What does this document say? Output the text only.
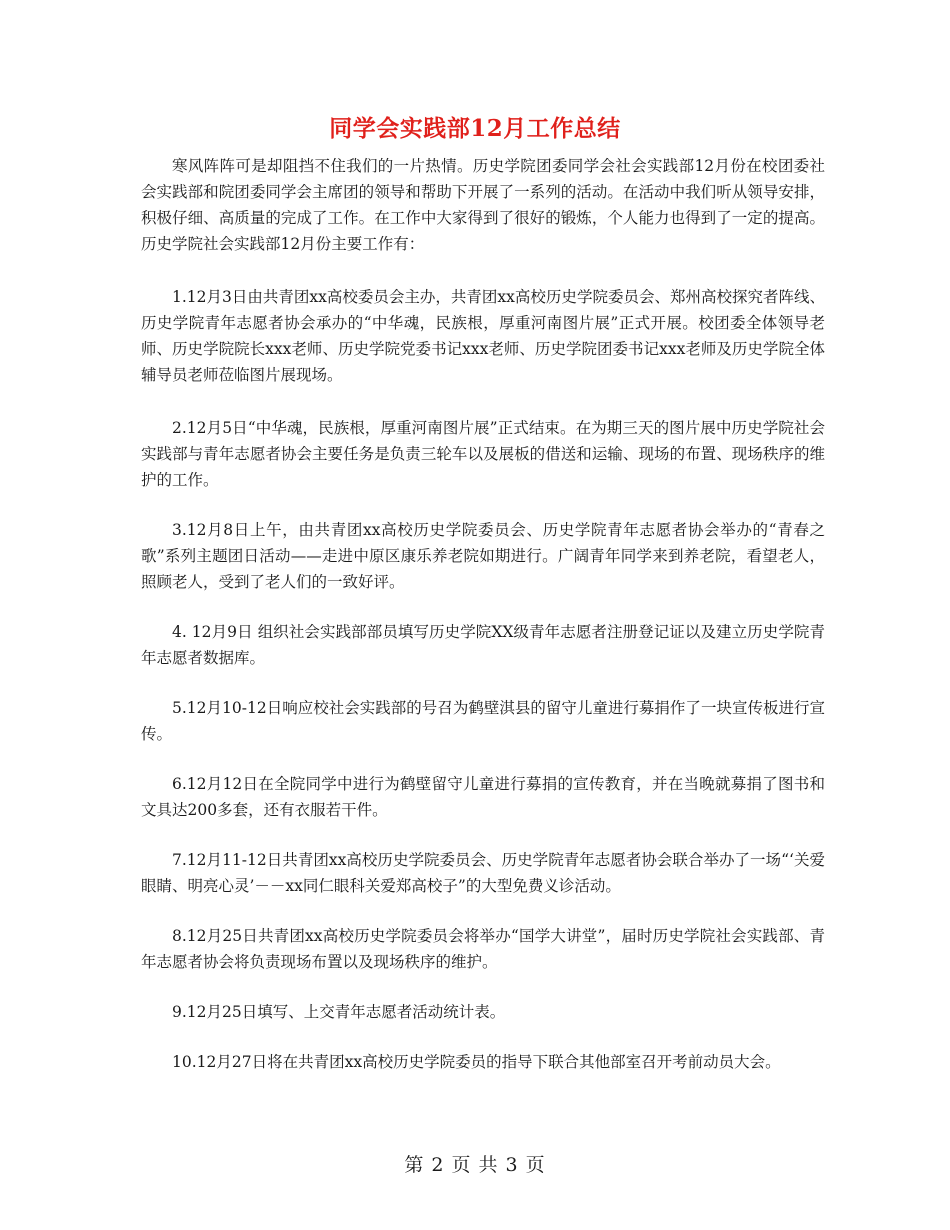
同学会实践部12月工作总结

寒风阵阵可是却阻挡不住我们的一片热情。历史学院团委同学会社会实践部12月份在校团委社会实践部和院团委同学会主席团的领导和帮助下开展了一系列的活动。在活动中我们听从领导安排，积极仔细、高质量的完成了工作。在工作中大家得到了很好的锻炼，个人能力也得到了一定的提高。历史学院社会实践部12月份主要工作有：

1.12月3日由共青团xx高校委员会主办，共青团xx高校历史学院委员会、郑州高校探究者阵线、历史学院青年志愿者协会承办的“中华魂，民族根，厚重河南图片展”正式开展。校团委全体领导老师、历史学院院长xxx老师、历史学院党委书记xxx老师、历史学院团委书记xxx老师及历史学院全体辅导员老师莅临图片展现场。

2.12月5日“中华魂，民族根，厚重河南图片展”正式结束。在为期三天的图片展中历史学院社会实践部与青年志愿者协会主要任务是负责三轮车以及展板的借送和运输、现场的布置、现场秩序的维护的工作。

3.12月8日上午，由共青团xx高校历史学院委员会、历史学院青年志愿者协会举办的“青春之歌”系列主题团日活动——走进中原区康乐养老院如期进行。广阔青年同学来到养老院，看望老人，照顾老人，受到了老人们的一致好评。

4. 12月9日 组织社会实践部部员填写历史学院XX级青年志愿者注册登记证以及建立历史学院青年志愿者数据库。

5.12月10-12日响应校社会实践部的号召为鹤壁淇县的留守儿童进行募捐作了一块宣传板进行宣传。

6.12月12日在全院同学中进行为鹤壁留守儿童进行募捐的宣传教育，并在当晚就募捐了图书和文具达200多套，还有衣服若干件。

7.12月11-12日共青团xx高校历史学院委员会、历史学院青年志愿者协会联合举办了一场“‘关爱眼睛、明亮心灵’－－xx同仁眼科关爱郑高校子”的大型免费义诊活动。

8.12月25日共青团xx高校历史学院委员会将举办“国学大讲堂”，届时历史学院社会实践部、青年志愿者协会将负责现场布置以及现场秩序的维护。

9.12月25日填写、上交青年志愿者活动统计表。

10.12月27日将在共青团xx高校历史学院委员的指导下联合其他部室召开考前动员大会。

第 2 页 共 3 页
